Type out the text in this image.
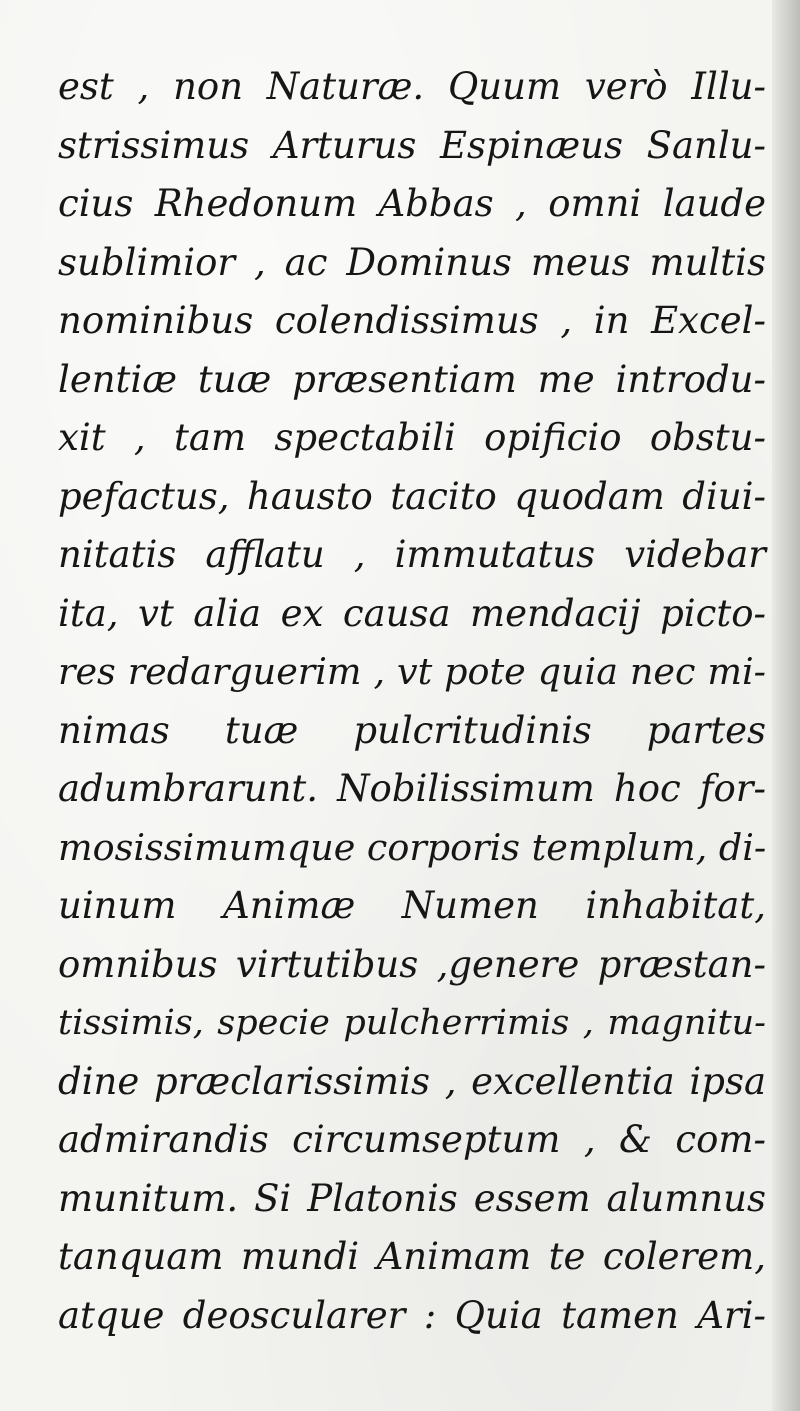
est , non Naturæ. Quum verò Illu-
strissimus Arturus Espinæus Sanlu-
cius Rhedonum Abbas , omni laude
sublimior , ac Dominus meus multis
nominibus colendissimus , in Excel-
lentiæ tuæ præsentiam me introdu-
xit , tam spectabili opificio obstu-
pefactus, hausto tacito quodam diui-
nitatis afflatu , immutatus videbar
ita, vt alia ex causa mendacij picto-
res redarguerim , vt pote quia nec mi-
nimas tuæ pulcritudinis partes
adumbrarunt. Nobilissimum hoc for-
mosissimumque corporis templum, di-
uinum Animæ Numen inhabitat,
omnibus virtutibus ,genere præstan-
tissimis, specie pulcherrimis , magnitu-
dine præclarissimis , excellentia ipsa
admirandis circumseptum , & com-
munitum. Si Platonis essem alumnus
tanquam mundi Animam te colerem,
atque deoscularer : Quia tamen Ari-
